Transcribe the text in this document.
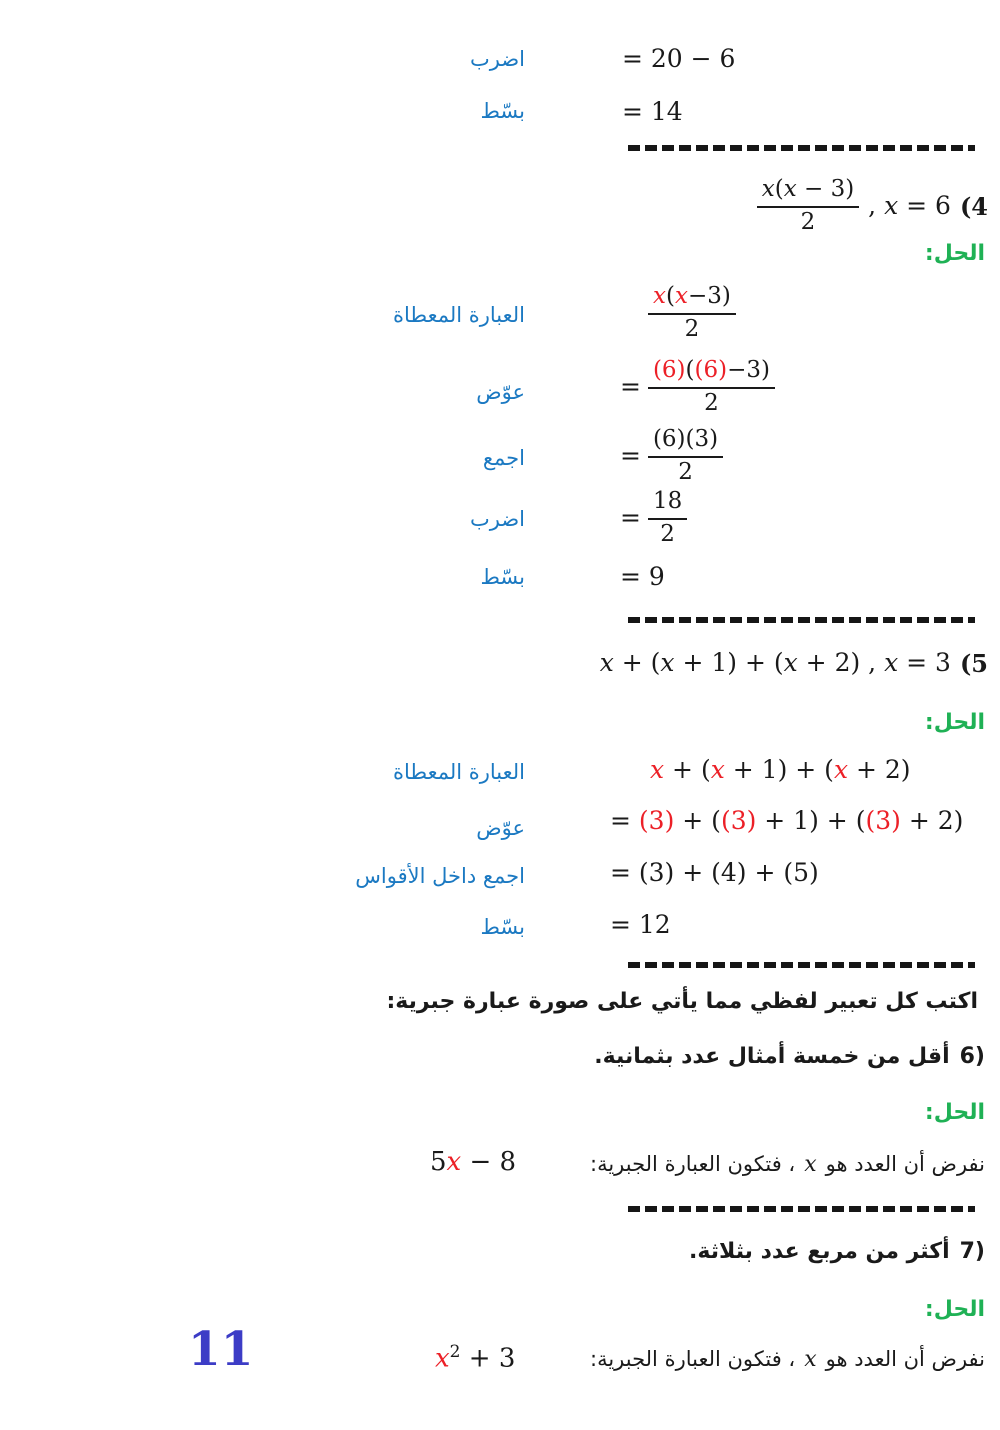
= 20 − 6
اضرب
= 14
بسّط
$\frac{x(x - 3)}{2}$ , x = 6 (4
الحل:
$\frac{x(x-3)}{2}$
العبارة المعطاة
= $\frac{(6)((6)-3)}{2}$
عوّض
= $\frac{(6)(3)}{2}$
اجمع
= $\frac{18}{2}$
اضرب
= 9
بسّط
x + (x + 1) + (x + 2) , x = 3 (5
الحل:
x + (x + 1) + (x + 2)
العبارة المعطاة
= (3) + ((3) + 1) + ((3) + 2)
عوّض
= (3) + (4) + (5)
اجمع داخل الأقواس
= 12
بسّط
اكتب كل تعبير لفظي مما يأتي على صورة عبارة جبرية:
6)
أقل من خمسة أمثال عدد بثمانية.
الحل:
نفرض أن العدد هو
x
، فتكون العبارة الجبرية:
5x − 8
7)
أكثر من مربع عدد بثلاثة.
الحل:
نفرض أن العدد هو
x
، فتكون العبارة الجبرية:
$x^2 + 3$
11
